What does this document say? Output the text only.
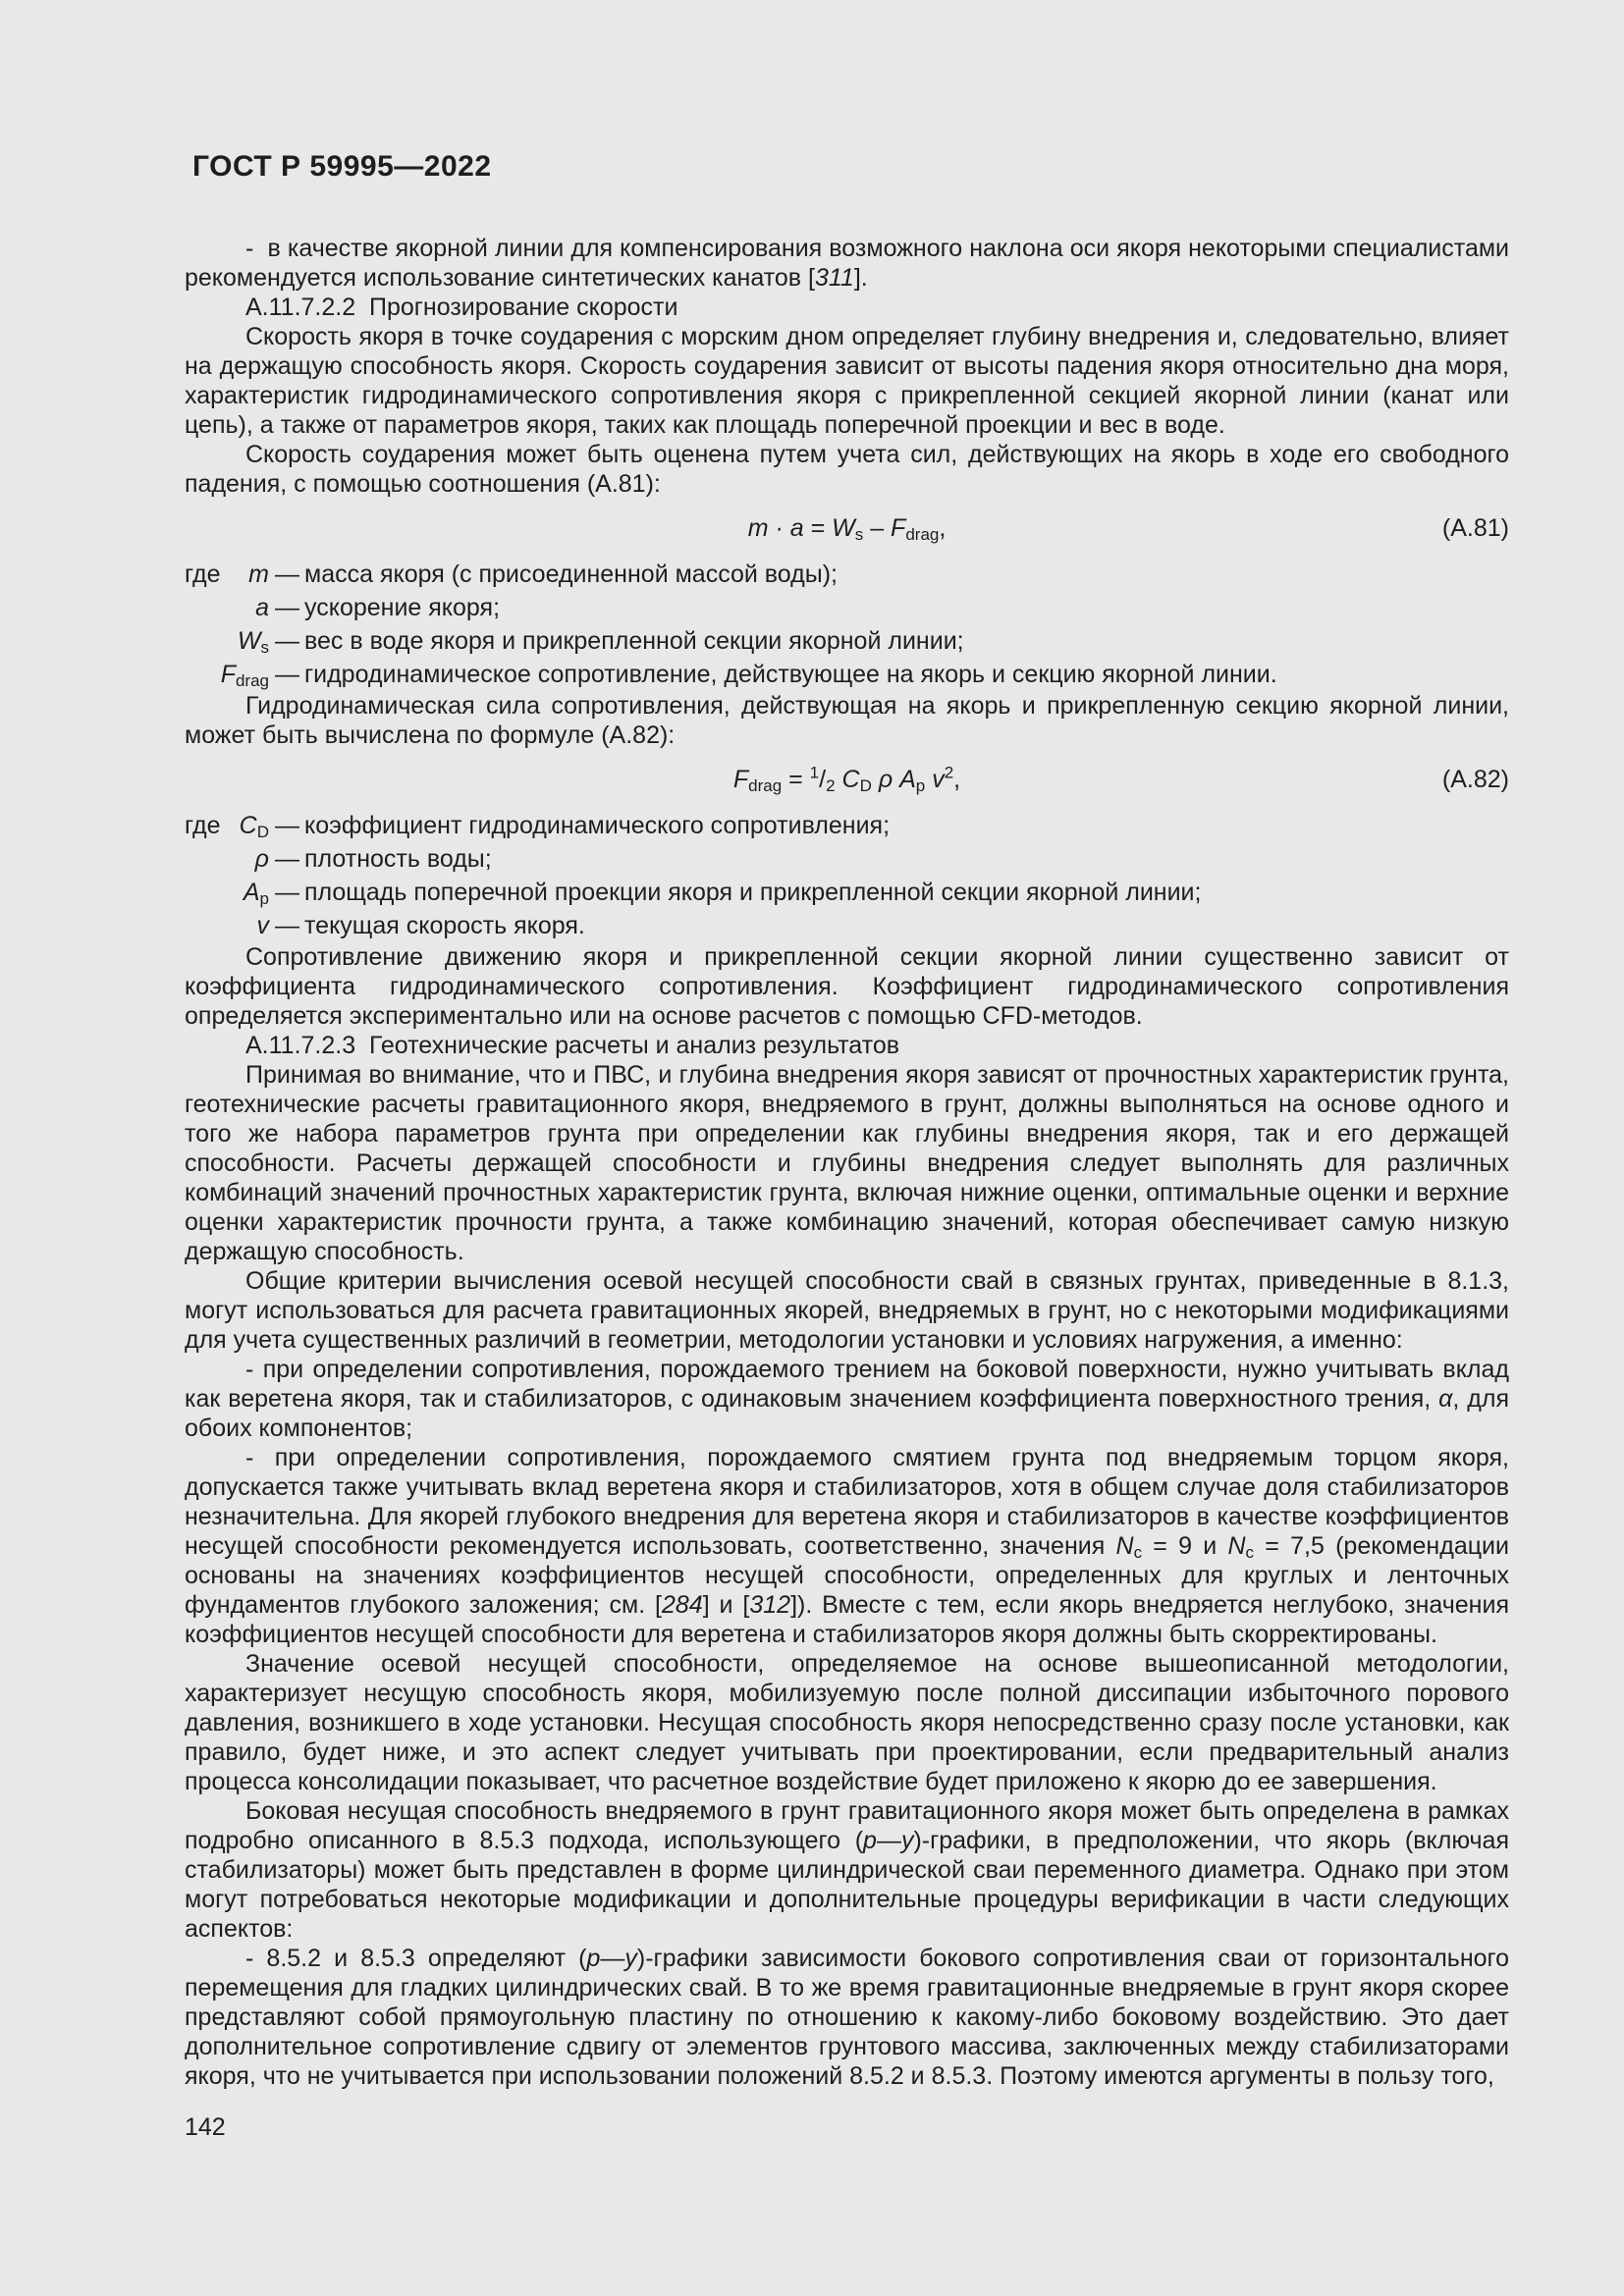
ГОСТ Р 59995—2022

-  в качестве якорной линии для компенсирования возможного наклона оси якоря некоторыми специалистами рекомендуется использование синтетических канатов [311].

А.11.7.2.2  Прогнозирование скорости

Скорость якоря в точке соударения с морским дном определяет глубину внедрения и, следовательно, влияет на держащую способность якоря. Скорость соударения зависит от высоты падения якоря относительно дна моря, характеристик гидродинамического сопротивления якоря с прикрепленной секцией якорной линии (канат или цепь), а также от параметров якоря, таких как площадь поперечной проекции и вес в воде.

Скорость соударения может быть оценена путем учета сил, действующих на якорь в ходе его свободного падения, с помощью соотношения (А.81):

$m \cdot a = W_s - F_{drag}$,	(А.81)
где	m — масса якоря (с присоединенной массой воды);
a — ускорение якоря;
$W_s$ — вес в воде якоря и прикрепленной секции якорной линии;
$F_{drag}$ — гидродинамическое сопротивление, действующее на якорь и секцию якорной линии.

Гидродинамическая сила сопротивления, действующая на якорь и прикрепленную секцию якорной линии, может быть вычислена по формуле (А.82):

$F_{drag} = ^1/_2$ $C_D$ ρ $A_p$ $v^2$,	(А.82)
где $C_D$ — коэффициент гидродинамического сопротивления;
ρ — плотность воды;
$A_p$ — площадь поперечной проекции якоря и прикрепленной секции якорной линии;
v — текущая скорость якоря.

Сопротивление движению якоря и прикрепленной секции якорной линии существенно зависит от коэффициента гидродинамического сопротивления. Коэффициент гидродинамического сопротивления определяется экспериментально или на основе расчетов с помощью CFD-методов.

А.11.7.2.3  Геотехнические расчеты и анализ результатов

Принимая во внимание, что и ПВС, и глубина внедрения якоря зависят от прочностных характеристик грунта, геотехнические расчеты гравитационного якоря, внедряемого в грунт, должны выполняться на основе одного и того же набора параметров грунта при определении как глубины внедрения якоря, так и его держащей способности. Расчеты держащей способности и глубины внедрения следует выполнять для различных комбинаций значений прочностных характеристик грунта, включая нижние оценки, оптимальные оценки и верхние оценки характеристик прочности грунта, а также комбинацию значений, которая обеспечивает самую низкую держащую способность.

Общие критерии вычисления осевой несущей способности свай в связных грунтах, приведенные в 8.1.3, могут использоваться для расчета гравитационных якорей, внедряемых в грунт, но с некоторыми модификациями для учета существенных различий в геометрии, методологии установки и условиях нагружения, а именно:

- при определении сопротивления, порождаемого трением на боковой поверхности, нужно учитывать вклад как веретена якоря, так и стабилизаторов, с одинаковым значением коэффициента поверхностного трения, α, для обоих компонентов;

- при определении сопротивления, порождаемого смятием грунта под внедряемым торцом якоря, допускается также учитывать вклад веретена якоря и стабилизаторов, хотя в общем случае доля стабилизаторов незначительна. Для якорей глубокого внедрения для веретена якоря и стабилизаторов в качестве коэффициентов несущей способности рекомендуется использовать, соответственно, значения $N_c = 9$ и $N_c = 7,5$ (рекомендации основаны на значениях коэффициентов несущей способности, определенных для круглых и ленточных фундаментов глубокого заложения; см. [284] и [312]). Вместе с тем, если якорь внедряется неглубоко, значения коэффициентов несущей способности для веретена и стабилизаторов якоря должны быть скорректированы.

Значение осевой несущей способности, определяемое на основе вышеописанной методологии, характеризует несущую способность якоря, мобилизуемую после полной диссипации избыточного порового давления, возникшего в ходе установки. Несущая способность якоря непосредственно сразу после установки, как правило, будет ниже, и это аспект следует учитывать при проектировании, если предварительный анализ процесса консолидации показывает, что расчетное воздействие будет приложено к якорю до ее завершения.

Боковая несущая способность внедряемого в грунт гравитационного якоря может быть определена в рамках подробно описанного в 8.5.3 подхода, использующего (p—y)-графики, в предположении, что якорь (включая стабилизаторы) может быть представлен в форме цилиндрической сваи переменного диаметра. Однако при этом могут потребоваться некоторые модификации и дополнительные процедуры верификации в части следующих аспектов:

- 8.5.2 и 8.5.3 определяют (p—y)-графики зависимости бокового сопротивления сваи от горизонтального перемещения для гладких цилиндрических свай. В то же время гравитационные внедряемые в грунт якоря скорее представляют собой прямоугольную пластину по отношению к какому-либо боковому воздействию. Это дает дополнительное сопротивление сдвигу от элементов грунтового массива, заключенных между стабилизаторами якоря, что не учитывается при использовании положений 8.5.2 и 8.5.3. Поэтому имеются аргументы в пользу того,

142
